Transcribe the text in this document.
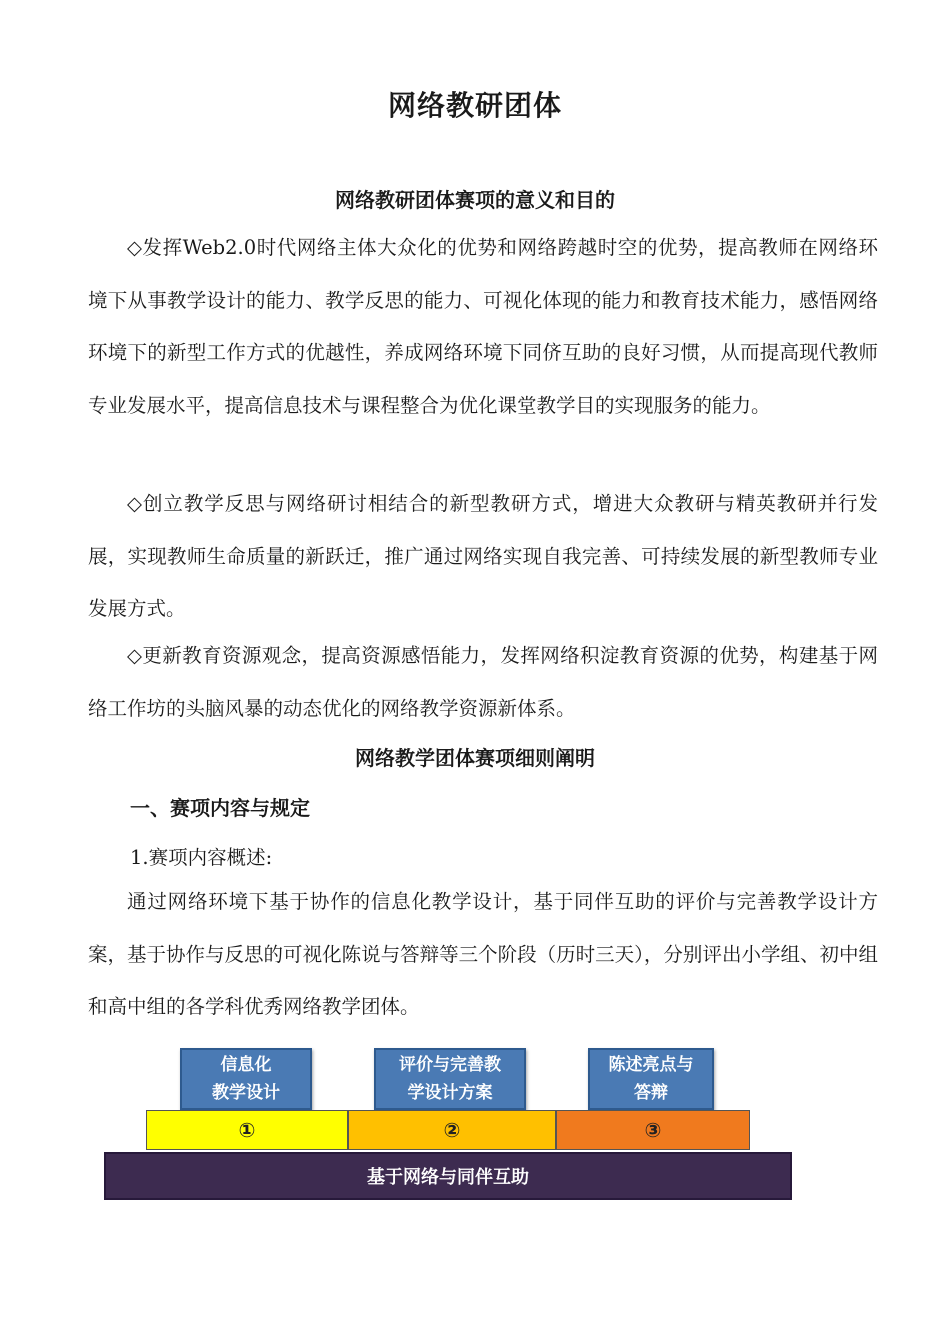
网络教研团体
网络教研团体赛项的意义和目的

◇发挥Web2.0时代网络主体大众化的优势和网络跨越时空的优势，提高教师在网络环境下从事教学设计的能力、教学反思的能力、可视化体现的能力和教育技术能力，感悟网络环境下的新型工作方式的优越性，养成网络环境下同侪互助的良好习惯，从而提高现代教师专业发展水平，提高信息技术与课程整合为优化课堂教学目的实现服务的能力。

◇创立教学反思与网络研讨相结合的新型教研方式，增进大众教研与精英教研并行发展，实现教师生命质量的新跃迁，推广通过网络实现自我完善、可持续发展的新型教师专业发展方式。

◇更新教育资源观念，提高资源感悟能力，发挥网络积淀教育资源的优势，构建基于网络工作坊的头脑风暴的动态优化的网络教学资源新体系。

网络教学团体赛项细则阐明
一、赛项内容与规定
1.赛项内容概述:

通过网络环境下基于协作的信息化教学设计，基于同伴互助的评价与完善教学设计方案，基于协作与反思的可视化陈说与答辩等三个阶段（历时三天），分别评出小学组、初中组和高中组的各学科优秀网络教学团体。

信息化
教学设计
评价与完善教
学设计方案
陈述亮点与
答辩
①	②	③
基于网络与同伴互助
